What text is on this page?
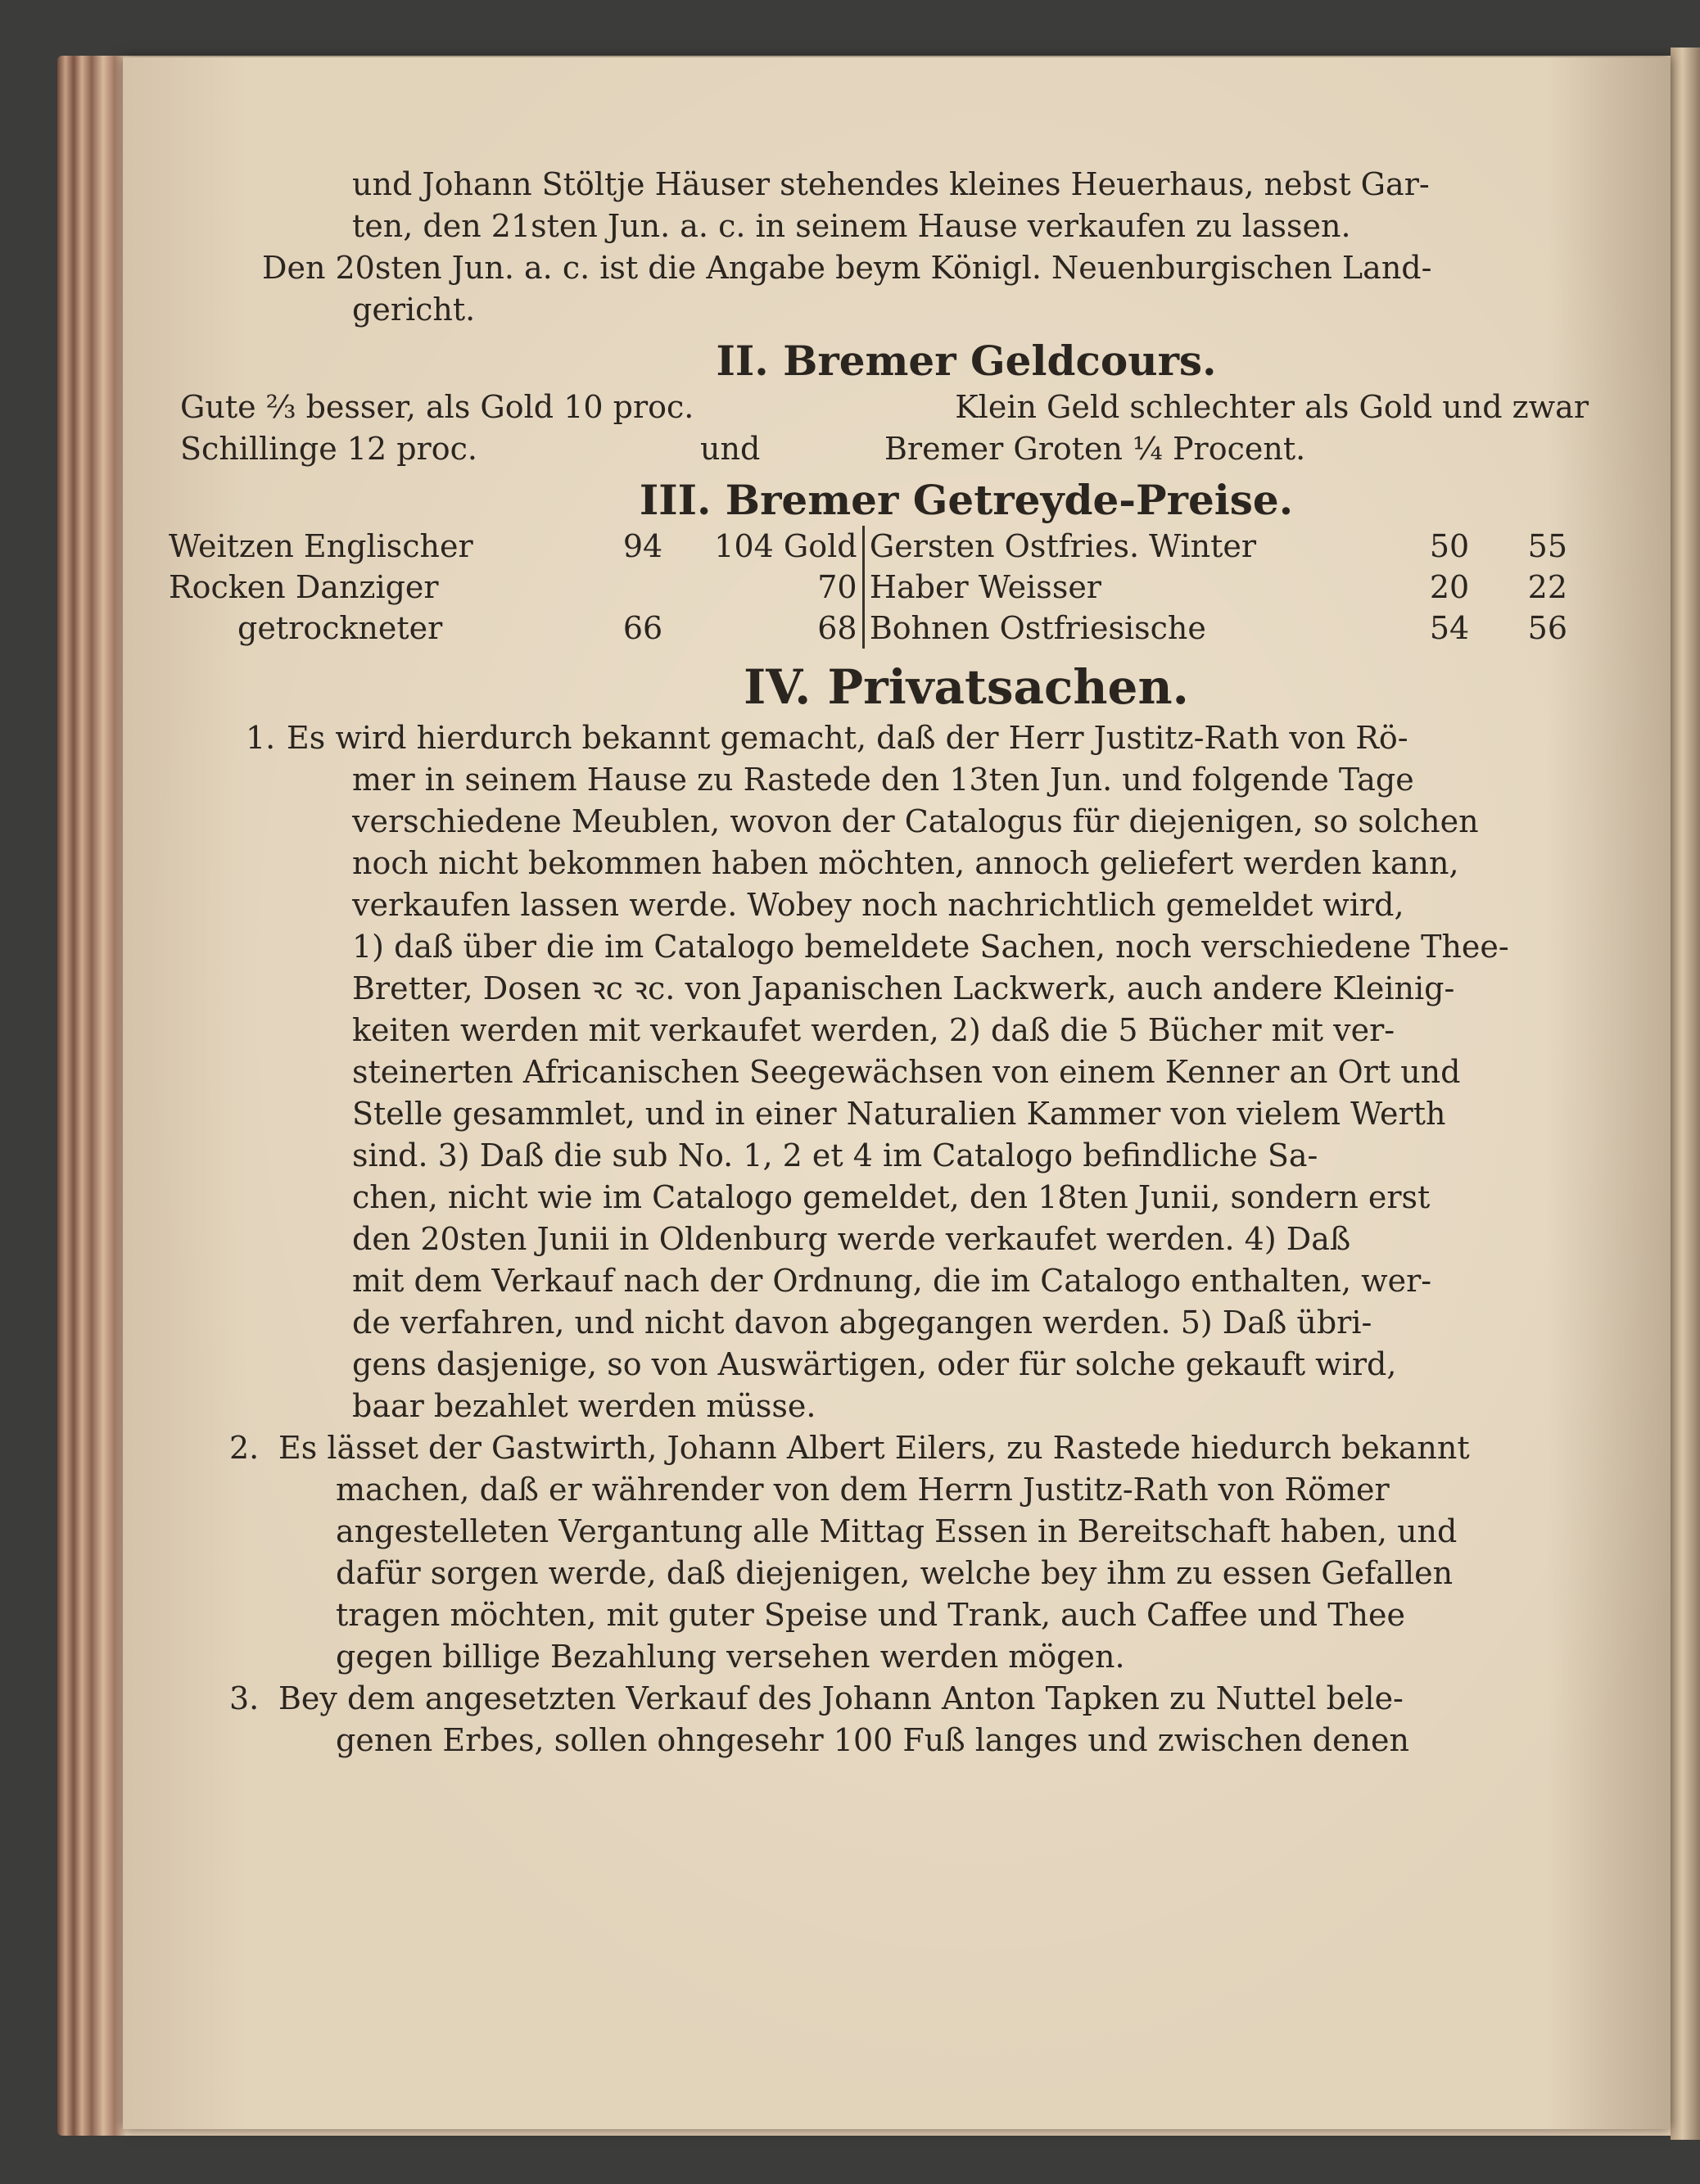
und Johann Stöltje Häuser stehendes kleines Heuerhaus, nebst Gar-
ten, den 21sten Jun. a. c. in seinem Hause verkaufen zu lassen.
Den 20sten Jun. a. c. ist die Angabe beym Königl. Neuenburgischen Land-
gericht.
II. Bremer Geldcours.
Gute ⅔ besser, als Gold 10 proc.	Klein Geld schlechter als Gold und zwar
Schillinge 12 proc.	und	Bremer Groten ¼ Procent.
III. Bremer Getreyde-Preise.
Weitzen Englischer	94	104 Gold		Gersten Ostfries. Winter	50	55
Rocken Danziger		70		Haber Weisser	20	22
getrockneter	66	68		Bohnen Ostfriesische	54	56
IV. Privatsachen.
1. Es wird hierdurch bekannt gemacht, daß der Herr Justitz-Rath von Rö-
mer in seinem Hause zu Rastede den 13ten Jun. und folgende Tage
verschiedene Meublen, wovon der Catalogus für diejenigen, so solchen
noch nicht bekommen haben möchten, annoch geliefert werden kann,
verkaufen lassen werde. Wobey noch nachrichtlich gemeldet wird,
1) daß über die im Catalogo bemeldete Sachen, noch verschiedene Thee-
Bretter, Dosen ꝛc ꝛc. von Japanischen Lackwerk, auch andere Kleinig-
keiten werden mit verkaufet werden, 2) daß die 5 Bücher mit ver-
steinerten Africanischen Seegewächsen von einem Kenner an Ort und
Stelle gesammlet, und in einer Naturalien Kammer von vielem Werth
sind. 3) Daß die sub No. 1, 2 et 4 im Catalogo befindliche Sa-
chen, nicht wie im Catalogo gemeldet, den 18ten Junii, sondern erst
den 20sten Junii in Oldenburg werde verkaufet werden. 4) Daß
mit dem Verkauf nach der Ordnung, die im Catalogo enthalten, wer-
de verfahren, und nicht davon abgegangen werden. 5) Daß übri-
gens dasjenige, so von Auswärtigen, oder für solche gekauft wird,
baar bezahlet werden müsse.
2. Es lässet der Gastwirth, Johann Albert Eilers, zu Rastede hiedurch bekannt
machen, daß er währender von dem Herrn Justitz-Rath von Römer
angestelleten Vergantung alle Mittag Essen in Bereitschaft haben, und
dafür sorgen werde, daß diejenigen, welche bey ihm zu essen Gefallen
tragen möchten, mit guter Speise und Trank, auch Caffee und Thee
gegen billige Bezahlung versehen werden mögen.
3. Bey dem angesetzten Verkauf des Johann Anton Tapken zu Nuttel bele-
genen Erbes, sollen ohngesehr 100 Fuß langes und zwischen denen
